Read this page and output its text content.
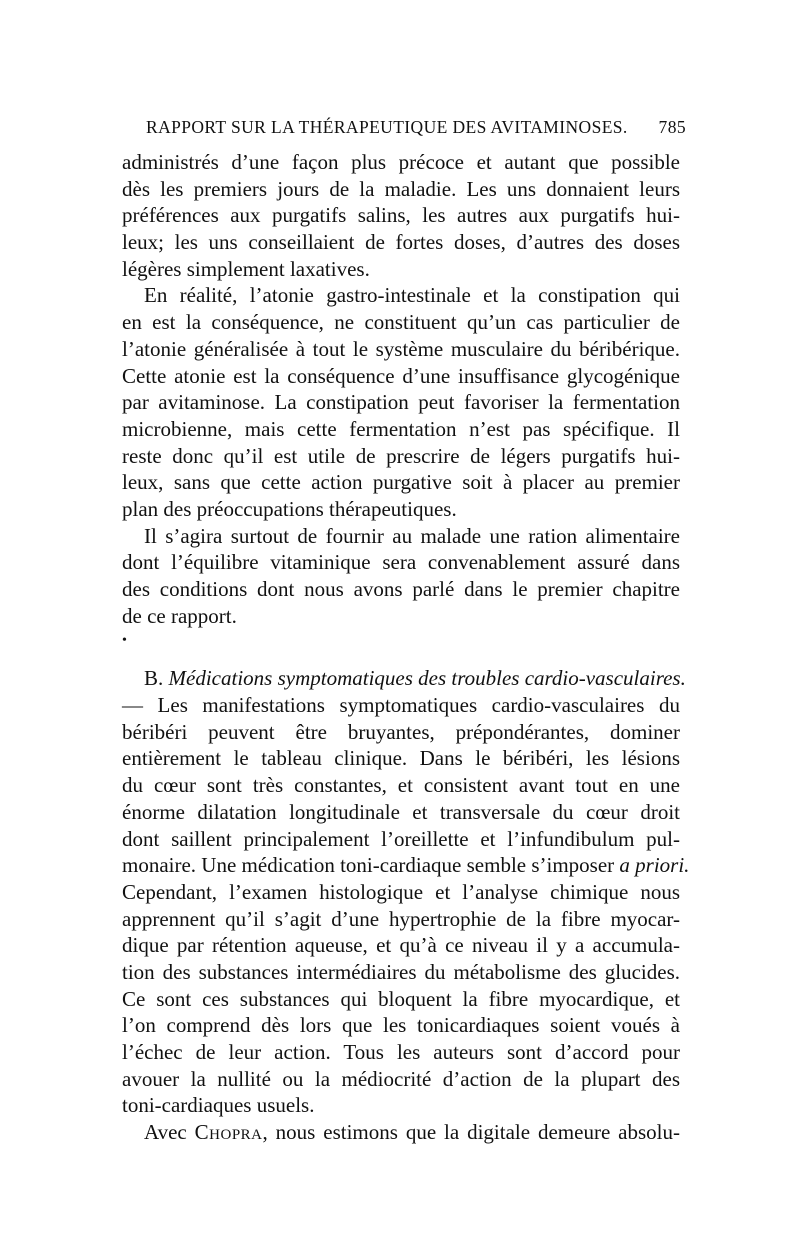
RAPPORT SUR LA THÉRAPEUTIQUE DES AVITAMINOSES. 785
administrés d’une façon plus précoce et autant que possible
dès les premiers jours de la maladie. Les uns donnaient leurs
préférences aux purgatifs salins, les autres aux purgatifs hui-
leux; les uns conseillaient de fortes doses, d’autres des doses
légères simplement laxatives.
En réalité, l’atonie gastro-intestinale et la constipation qui
en est la conséquence, ne constituent qu’un cas particulier de
l’atonie généralisée à tout le système musculaire du béribérique.
Cette atonie est la conséquence d’une insuffisance glycogénique
par avitaminose. La constipation peut favoriser la fermentation
microbienne, mais cette fermentation n’est pas spécifique. Il
reste donc qu’il est utile de prescrire de légers purgatifs hui-
leux, sans que cette action purgative soit à placer au premier
plan des préoccupations thérapeutiques.
Il s’agira surtout de fournir au malade une ration alimentaire
dont l’équilibre vitaminique sera convenablement assuré dans
des conditions dont nous avons parlé dans le premier chapitre
de ce rapport.
•
B. Médications symptomatiques des troubles cardio-vasculaires.
— Les manifestations symptomatiques cardio-vasculaires du
béribéri peuvent être bruyantes, prépondérantes, dominer
entièrement le tableau clinique. Dans le béribéri, les lésions
du cœur sont très constantes, et consistent avant tout en une
énorme dilatation longitudinale et transversale du cœur droit
dont saillent principalement l’oreillette et l’infundibulum pul-
monaire. Une médication toni-cardiaque semble s’imposer a priori.
Cependant, l’examen histologique et l’analyse chimique nous
apprennent qu’il s’agit d’une hypertrophie de la fibre myocar-
dique par rétention aqueuse, et qu’à ce niveau il y a accumula-
tion des substances intermédiaires du métabolisme des glucides.
Ce sont ces substances qui bloquent la fibre myocardique, et
l’on comprend dès lors que les tonicardiaques soient voués à
l’échec de leur action. Tous les auteurs sont d’accord pour
avouer la nullité ou la médiocrité d’action de la plupart des
toni-cardiaques usuels.
Avec Chopra, nous estimons que la digitale demeure absolu-
